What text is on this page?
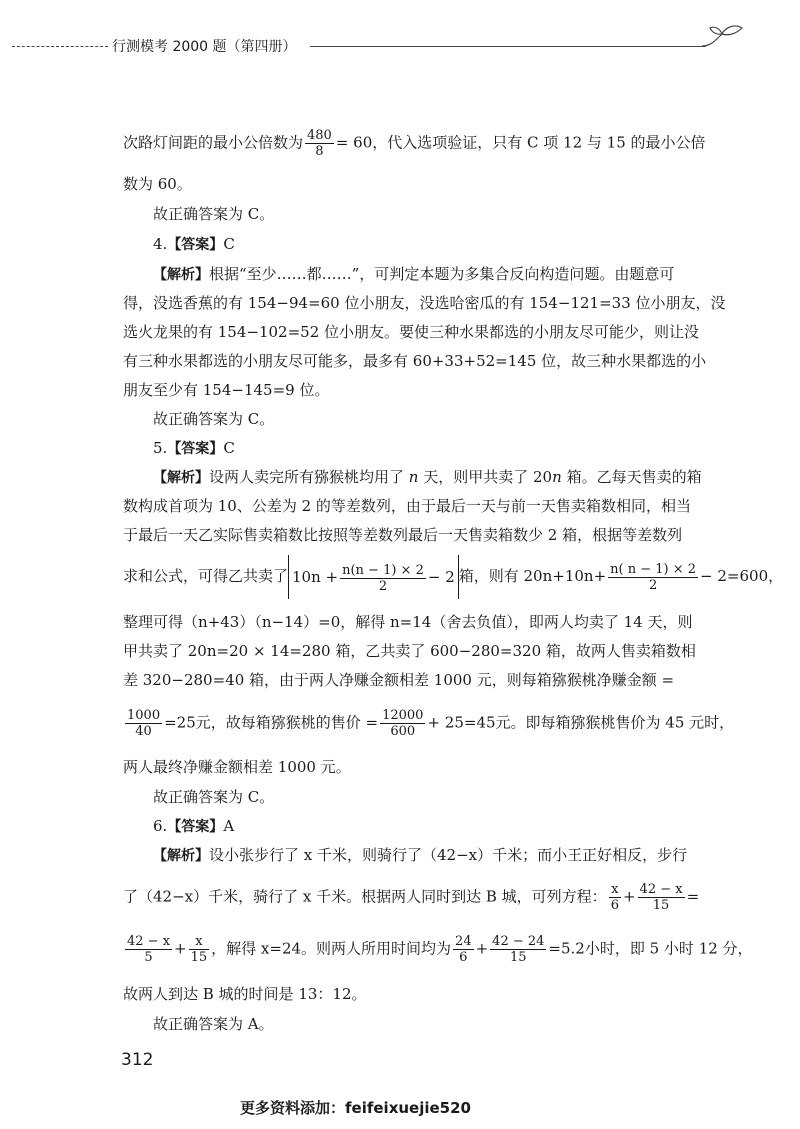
行测模考 2000 题（第四册）
次路灯间距的最小公倍数为 $\frac{480}{8} = 60$，代入选项验证，只有 C 项 12 与 15 的最小公倍
数为 60。
故正确答案为 C。
4.【答案】C
【解析】根据“至少……都……”，可判定本题为多集合反向构造问题。由题意可
得，没选香蕉的有 154−94=60 位小朋友，没选哈密瓜的有 154−121=33 位小朋友，没
选火龙果的有 154−102=52 位小朋友。要使三种水果都选的小朋友尽可能少，则让没
有三种水果都选的小朋友尽可能多，最多有 60+33+52=145 位，故三种水果都选的小
朋友至少有 154−145=9 位。
故正确答案为 C。
5.【答案】C
【解析】设两人卖完所有猕猴桃均用了 n 天，则甲共卖了 20n 箱。乙每天售卖的箱
数构成首项为 10、公差为 2 的等差数列，由于最后一天与前一天售卖箱数相同，相当
于最后一天乙实际售卖箱数比按照等差数列最后一天售卖箱数少 2 箱，根据等差数列
求和公式，可得乙共卖了 $10n + \frac{n(n - 1) \times 2}{2} - 2$ 箱，则有 $20n+10n+ \frac{n( n - 1) \times 2}{2} - 2=600$，
整理可得（n+43）（n−14）=0，解得 n=14（舍去负值），即两人均卖了 14 天，则
甲共卖了 20n=20 × 14=280 箱，乙共卖了 600−280=320 箱，故两人售卖箱数相
差 320−280=40 箱，由于两人净赚金额相差 1000 元，则每箱猕猴桃净赚金额 =
$\frac{1000}{40} =25$元，故每箱猕猴桃的售价 = $\frac{12000}{600} + 25=45$元。即每箱猕猴桃售价为 45 元时，
两人最终净赚金额相差 1000 元。
故正确答案为 C。
6.【答案】A
【解析】设小张步行了 x 千米，则骑行了（42−x）千米；而小王正好相反，步行
了（42−x）千米，骑行了 x 千米。根据两人同时到达 B 城，可列方程： $\frac{x}{6} + \frac{42 - x}{15}$ =
$\frac{42 - x}{5} + \frac{x}{15}$ ，解得 x=24。则两人所用时间均为 $\frac{24}{6} + \frac{42 - 24}{15} =5.2$小时，即 5 小时 12 分，
故两人到达 B 城的时间是 13：12。
故正确答案为 A。
312
更多资料添加：feifeixuejie520
